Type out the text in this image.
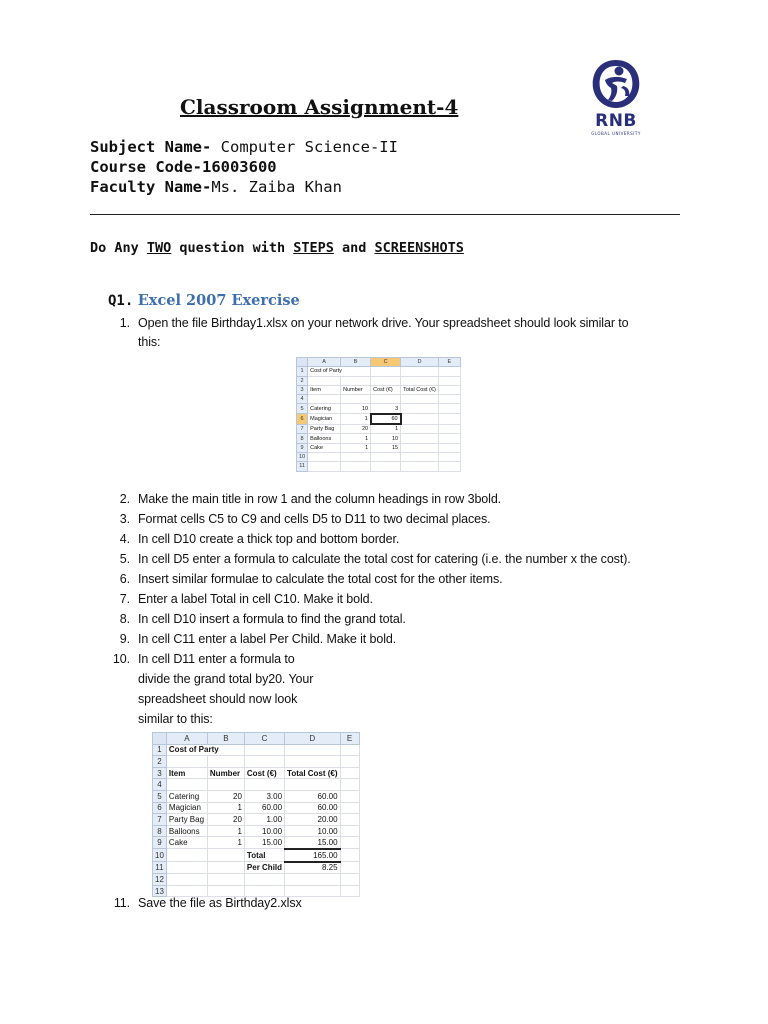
RNB
GLOBAL UNIVERSITY
Classroom Assignment-4
Subject Name- Computer Science-II
Course Code-16003600
Faculty Name-Ms. Zaiba Khan
Do Any TWO question with STEPS and SCREENSHOTS
Q1. Excel 2007 Exercise
1. Open the file Birthday1.xlsx on your network drive. Your spreadsheet should look similar to
this:
	A	B	C	D	E
1	Cost of Party				
2					
3	Item	Number	Cost (€)	Total Cost (€)	
4					
5	Catering	10	3		
6	Magician	1	60		
7	Party Bag	20	1		
8	Balloons	1	10		
9	Cake	1	15		
10					
11					
2. Make the main title in row 1 and the column headings in row 3bold.
3. Format cells C5 to C9 and cells D5 to D11 to two decimal places.
4. In cell D10 create a thick top and bottom border.
5. In cell D5 enter a formula to calculate the total cost for catering (i.e. the number x the cost).
6. Insert similar formulae to calculate the total cost for the other items.
7. Enter a label Total in cell C10. Make it bold.
8. In cell D10 insert a formula to find the grand total.
9. In cell C11 enter a label Per Child. Make it bold.
10. In cell D11 enter a formula to
divide the grand total by20. Your
spreadsheet should now look
similar to this:
	A	B	C	D	E
1	Cost of Party				
2					
3	Item	Number	Cost (€)	Total Cost (€)	
4					
5	Catering	20	3.00	60.00	
6	Magician	1	60.00	60.00	
7	Party Bag	20	1.00	20.00	
8	Balloons	1	10.00	10.00	
9	Cake	1	15.00	15.00	
10			Total	165.00	
11			Per Child	8.25	
12					
13					
11. Save the file as Birthday2.xlsx
